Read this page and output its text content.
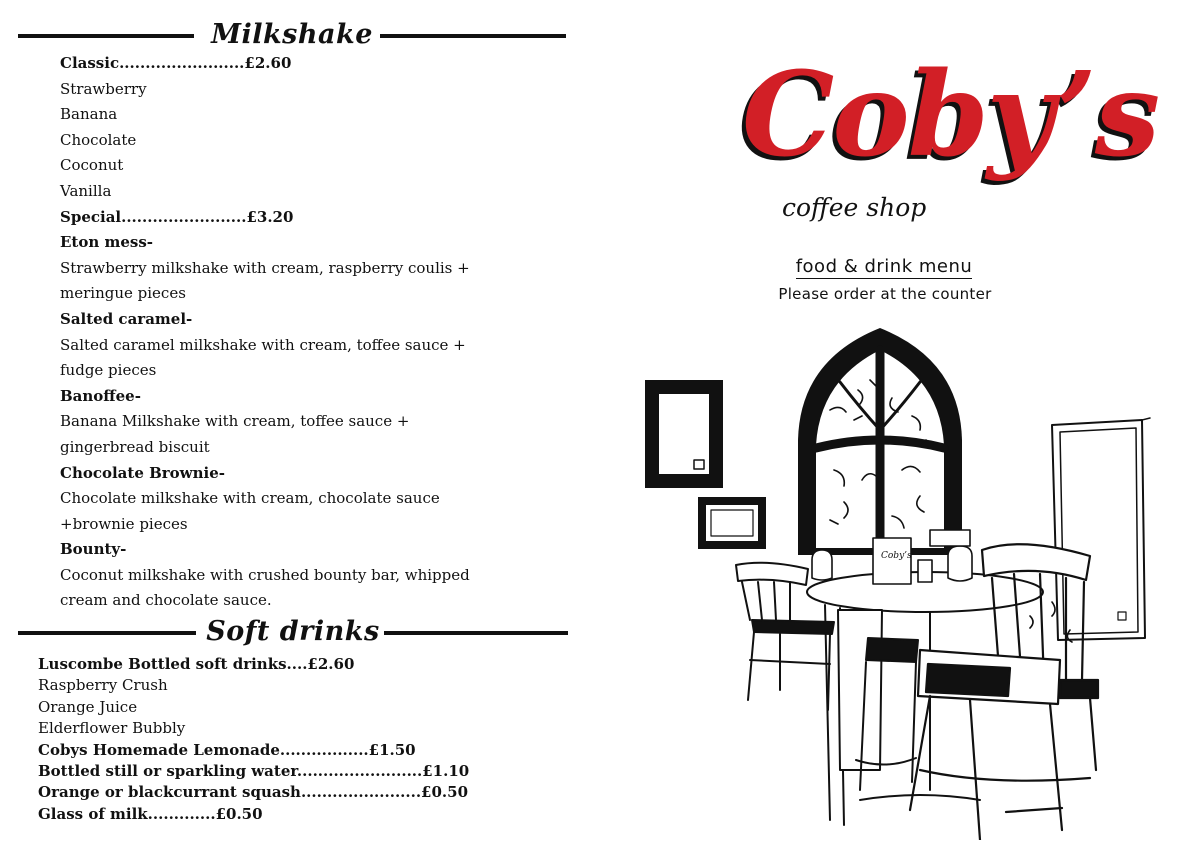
Milkshake
Classic........................£2.60
Strawberry
Banana
Chocolate
Coconut
Vanilla
Special........................£3.20
Eton mess-
Strawberry milkshake with cream, raspberry coulis +
meringue pieces
Salted caramel-
Salted caramel milkshake with cream, toffee sauce +
fudge pieces
Banoffee-
Banana Milkshake with cream, toffee sauce +
gingerbread biscuit
Chocolate Brownie-
Chocolate milkshake with cream, chocolate sauce
+brownie pieces
Bounty-
Coconut milkshake with crushed bounty bar, whipped
cream and chocolate sauce.
Soft drinks
Luscombe Bottled soft drinks....£2.60
Raspberry Crush
Orange Juice
Elderflower Bubbly
Cobys Homemade Lemonade.................£1.50
Bottled still or sparkling water........................£1.10
Orange or blackcurrant squash.......................£0.50
Glass of milk.............£0.50
Coby’s
coffee shop
food & drink menu
Please order at the counter
Coby’s
